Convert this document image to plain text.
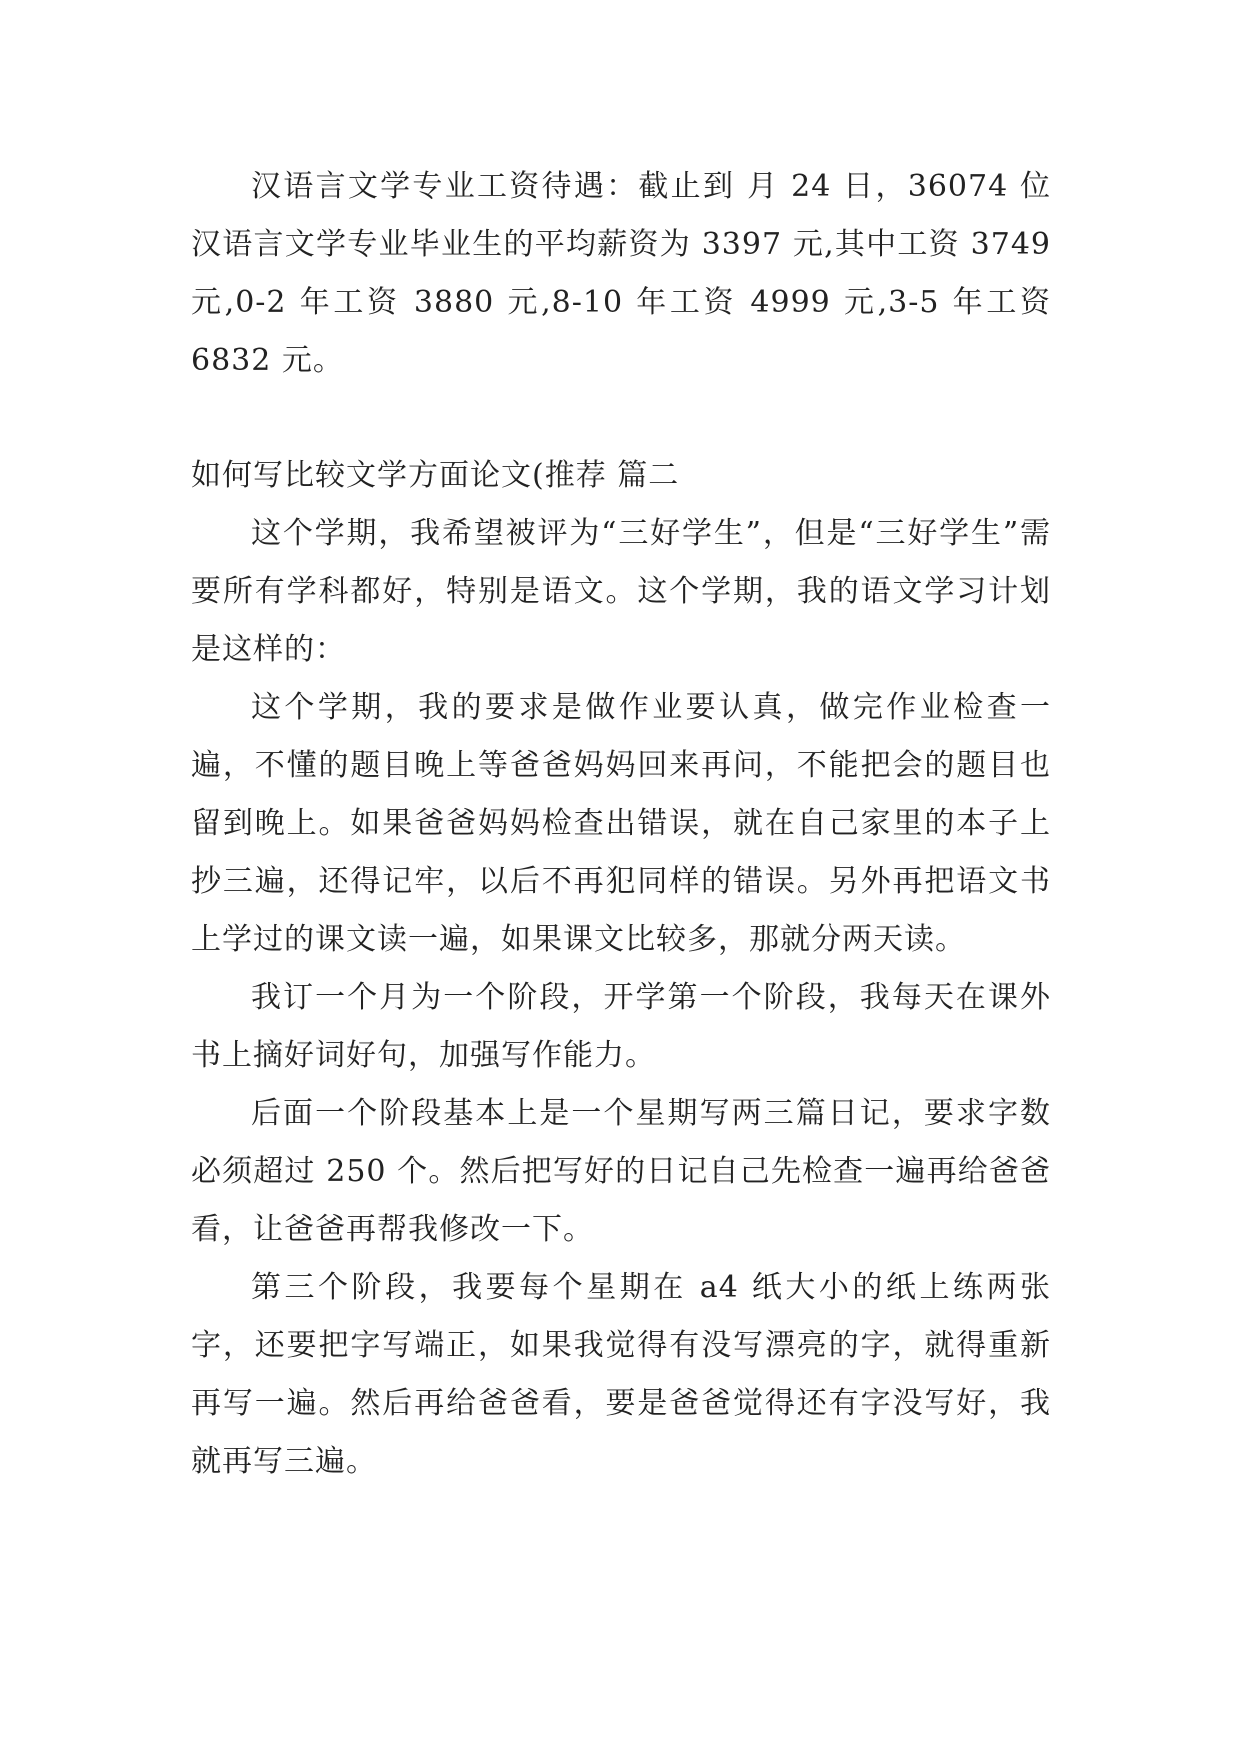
汉语言文学专业工资待遇：截止到 月 24 日，36074 位汉语言文学专业毕业生的平均薪资为 3397 元,其中工资 3749 元,0-2 年工资 3880 元,8-10 年工资 4999 元,3-5 年工资 6832 元。

如何写比较文学方面论文(推荐 篇二

这个学期，我希望被评为“三好学生”，但是“三好学生”需要所有学科都好，特别是语文。这个学期，我的语文学习计划是这样的：

这个学期，我的要求是做作业要认真，做完作业检查一遍，不懂的题目晚上等爸爸妈妈回来再问，不能把会的题目也留到晚上。如果爸爸妈妈检查出错误，就在自己家里的本子上抄三遍，还得记牢，以后不再犯同样的错误。另外再把语文书上学过的课文读一遍，如果课文比较多，那就分两天读。

我订一个月为一个阶段，开学第一个阶段，我每天在课外书上摘好词好句，加强写作能力。

后面一个阶段基本上是一个星期写两三篇日记，要求字数必须超过 250 个。然后把写好的日记自己先检查一遍再给爸爸看，让爸爸再帮我修改一下。

第三个阶段，我要每个星期在 a4 纸大小的纸上练两张字，还要把字写端正，如果我觉得有没写漂亮的字，就得重新再写一遍。然后再给爸爸看，要是爸爸觉得还有字没写好，我就再写三遍。
